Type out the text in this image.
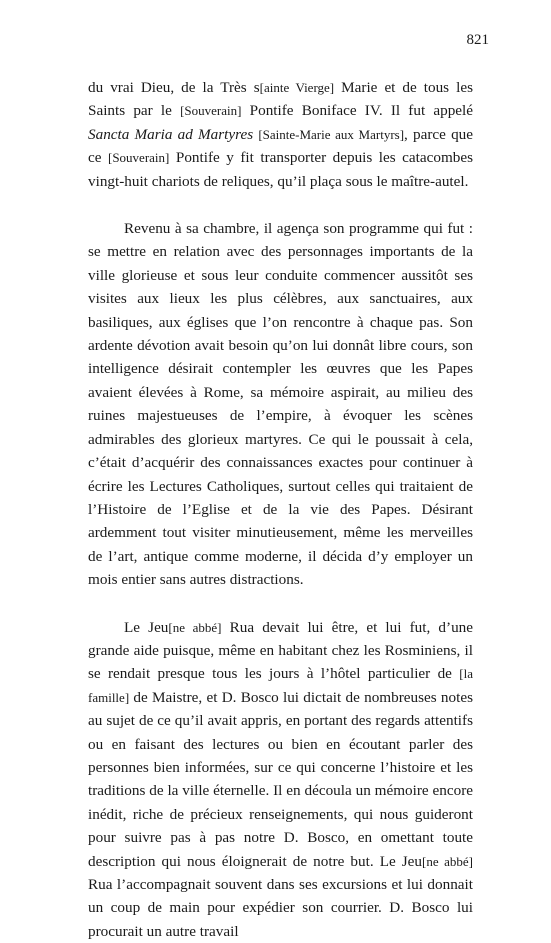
821

du vrai Dieu, de la Très s[ainte Vierge] Marie et de tous les Saints par le [Souverain] Pontife Boniface IV. Il fut appelé Sancta Maria ad Martyres [Sainte-Marie aux Martyrs], parce que ce [Souverain] Pontife y fit transporter depuis les catacombes vingt-huit chariots de reliques, qu’il plaça sous le maître-autel.

Revenu à sa chambre, il agença son programme qui fut : se mettre en relation avec des personnages importants de la ville glorieuse et sous leur conduite commencer aussitôt ses visites aux lieux les plus célèbres, aux sanctuaires, aux basiliques, aux églises que l’on rencontre à chaque pas. Son ardente dévotion avait besoin qu’on lui donnât libre cours, son intelligence désirait contempler les œuvres que les Papes avaient élevées à Rome, sa mémoire aspirait, au milieu des ruines majestueuses de l’empire, à évoquer les scènes admirables des glorieux martyres. Ce qui le poussait à cela, c’était d’acquérir des connaissances exactes pour continuer à écrire les Lectures Catholiques, surtout celles qui traitaient de l’Histoire de l’Eglise et de la vie des Papes. Désirant ardemment tout visiter minutieusement, même les merveilles de l’art, antique comme moderne, il décida d’y employer un mois entier sans autres distractions.

Le Jeu[ne abbé] Rua devait lui être, et lui fut, d’une grande aide puisque, même en habitant chez les Rosminiens, il se rendait presque tous les jours à l’hôtel particulier de [la famille] de Maistre, et D. Bosco lui dictait de nombreuses notes au sujet de ce qu’il avait appris, en portant des regards attentifs ou en faisant des lectures ou bien en écoutant parler des personnes bien informées, sur ce qui concerne l’histoire et les traditions de la ville éternelle. Il en découla un mémoire encore inédit, riche de précieux renseignements, qui nous guideront pour suivre pas à pas notre D. Bosco, en omettant toute description qui nous éloignerait de notre but. Le Jeu[ne abbé] Rua l’accompagnait souvent dans ses excursions et lui donnait un coup de main pour expédier son courrier. D. Bosco lui procurait un autre travail
